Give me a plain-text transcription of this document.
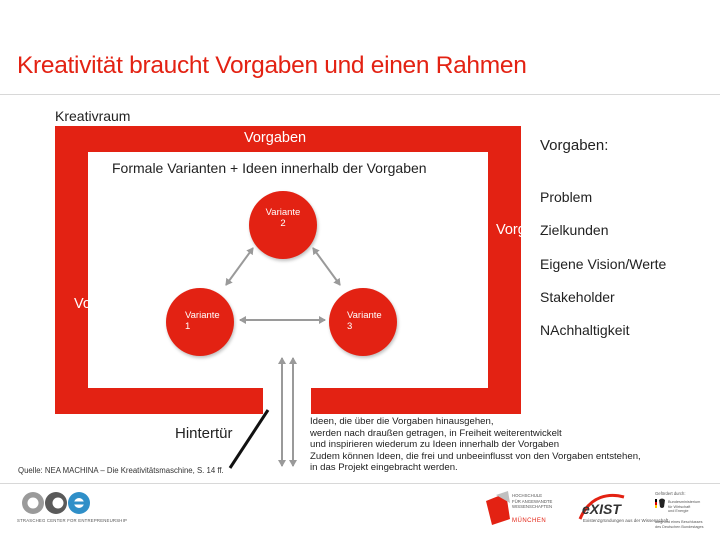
Kreativität braucht Vorgaben und einen Rahmen
Kreativraum
Vorgaben
Vorgaben
Vorgaben
Formale Varianten + Ideen innerhalb der Vorgaben
Variante
2
Variante
1
Variante
3
Vorgaben:
Problem
Zielkunden
Eigene Vision/Werte
Stakeholder
NAchhaltigkeit
Hintertür
Ideen, die über die Vorgaben hinausgehen,
werden nach draußen getragen, in Freiheit weiterentwickelt
und inspirieren wiederum zu Ideen innerhalb der Vorgaben
Zudem können Ideen, die frei und unbeeinflusst von den Vorgaben entstehen,
in das Projekt eingebracht werden.
Quelle: NEA MACHINA – Die Kreativitätsmaschine, S. 14 ff.
STRASCHEG CENTER FOR ENTREPRENEURSHIP
HOCHSCHULE
FÜR ANGEWANDTE
WISSENSCHAFTEN
MÜNCHEN
eXIST
Existenzgründungen aus der Wissenschaft
Gefördert durch:
Bundesministerium
für Wirtschaft
und Energie
aufgrund eines Beschlusses
des Deutschen Bundestages
